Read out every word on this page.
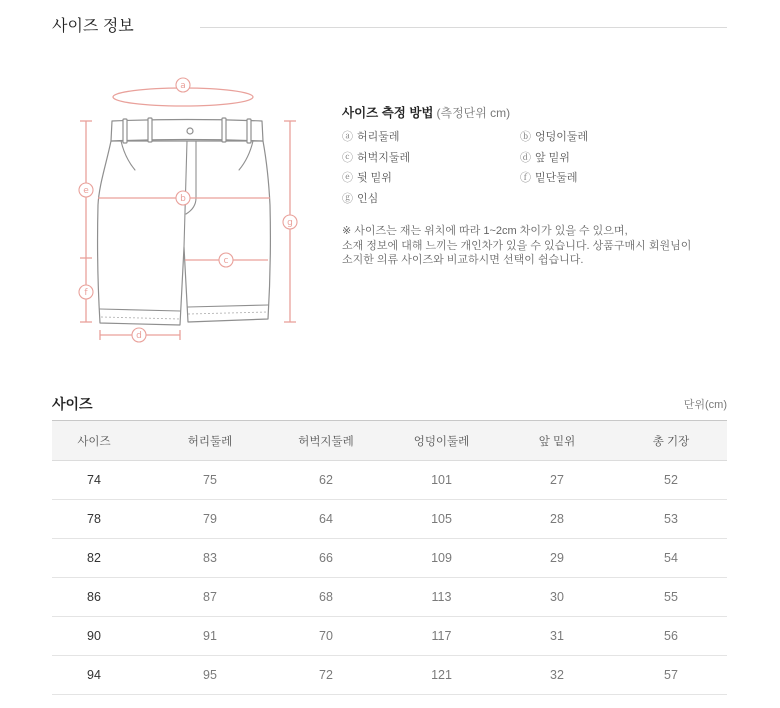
사이즈 정보
a
b
c
d
e
f
g
사이즈 측정 방법 (측정단위 cm)
ⓐ 허리둘레	ⓑ 엉덩이둘레
ⓒ 허벅지둘레	ⓓ 앞 밑위
ⓔ 뒷 밑위	ⓕ 밑단둘레
ⓖ 인심
※ 사이즈는 재는 위치에 따라 1~2cm 차이가 있을 수 있으며,
소재 정보에 대해 느끼는 개인차가 있을 수 있습니다. 상품구매시 회원님이
소지한 의류 사이즈와 비교하시면 선택이 쉽습니다.
사이즈	단위(cm)
사이즈	허리둘레	허벅지둘레	엉덩이둘레	앞 밑위	총 기장
74	75	62	101	27	52
78	79	64	105	28	53
82	83	66	109	29	54
86	87	68	113	30	55
90	91	70	117	31	56
94	95	72	121	32	57
